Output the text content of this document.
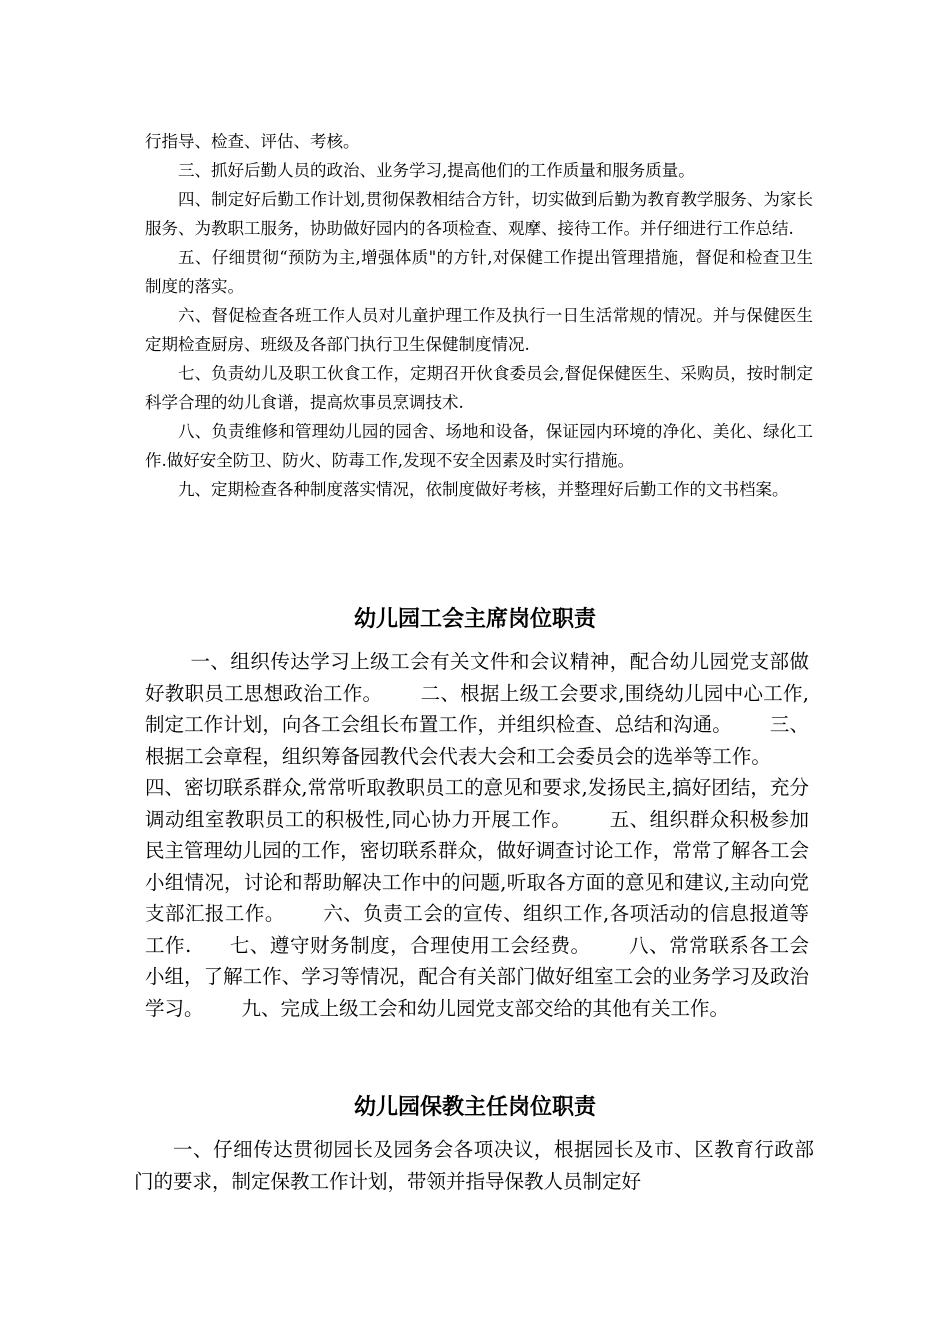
行指导、检查、评估、考核。

三、抓好后勤人员的政治、业务学习,提高他们的工作质量和服务质量。

四、制定好后勤工作计划,贯彻保教相结合方针，切实做到后勤为教育教学服务、为家长服务、为教职工服务，协助做好园内的各项检查、观摩、接待工作。并仔细进行工作总结.

五、仔细贯彻“预防为主,增强体质"的方针,对保健工作提出管理措施，督促和检查卫生制度的落实。

六、督促检查各班工作人员对儿童护理工作及执行一日生活常规的情况。并与保健医生定期检查厨房、班级及各部门执行卫生保健制度情况.

七、负责幼儿及职工伙食工作，定期召开伙食委员会,督促保健医生、采购员，按时制定科学合理的幼儿食谱，提高炊事员烹调技术.

八、负责维修和管理幼儿园的园舍、场地和设备，保证园内环境的净化、美化、绿化工作.做好安全防卫、防火、防毒工作,发现不安全因素及时实行措施。

九、定期检查各种制度落实情况，依制度做好考核，并整理好后勤工作的文书档案。

幼儿园工会主席岗位职责

一、组织传达学习上级工会有关文件和会议精神，配合幼儿园党支部做好教职员工思想政治工作。 二、根据上级工会要求,围绕幼儿园中心工作,制定工作计划，向各工会组长布置工作，并组织检查、总结和沟通。 三、根据工会章程，组织筹备园教代会代表大会和工会委员会的选举等工作。四、密切联系群众,常常听取教职员工的意见和要求,发扬民主,搞好团结，充分调动组室教职员工的积极性,同心协力开展工作。 五、组织群众积极参加民主管理幼儿园的工作，密切联系群众，做好调查讨论工作，常常了解各工会小组情况，讨论和帮助解决工作中的问题,听取各方面的意见和建议,主动向党支部汇报工作。 六、负责工会的宣传、组织工作,各项活动的信息报道等工作. 七、遵守财务制度，合理使用工会经费。 八、常常联系各工会小组，了解工作、学习等情况，配合有关部门做好组室工会的业务学习及政治学习。 九、完成上级工会和幼儿园党支部交给的其他有关工作。

幼儿园保教主任岗位职责

一、仔细传达贯彻园长及园务会各项决议，根据园长及市、区教育行政部门的要求，制定保教工作计划，带领并指导保教人员制定好
